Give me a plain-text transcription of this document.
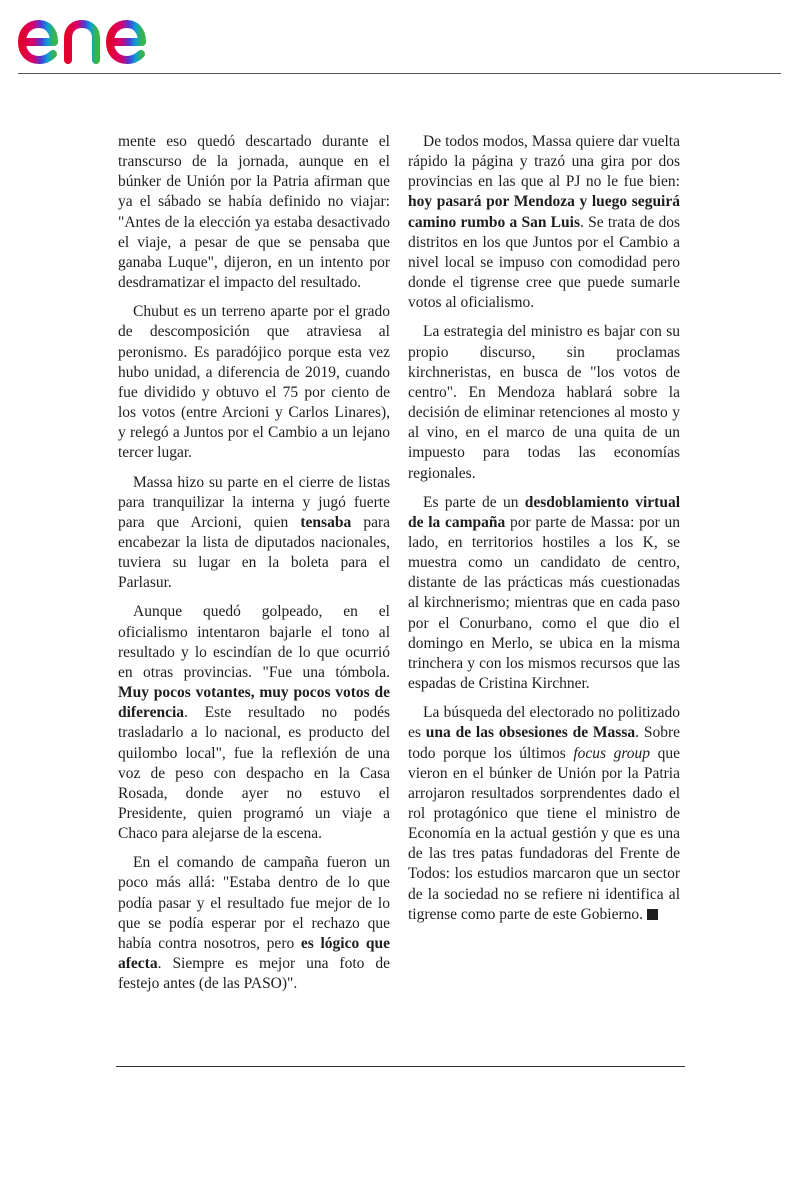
mente eso quedó descartado durante el transcurso de la jornada, aunque en el búnker de Unión por la Patria afirman que ya el sábado se había definido no viajar: "Antes de la elección ya estaba desactivado el viaje, a pesar de que se pensaba que ganaba Luque", dijeron, en un intento por desdramatizar el impacto del resultado.

Chubut es un terreno aparte por el grado de descomposición que atraviesa al peronismo. Es paradójico porque esta vez hubo unidad, a diferencia de 2019, cuando fue dividido y obtuvo el 75 por ciento de los votos (entre Arcioni y Carlos Linares), y relegó a Juntos por el Cambio a un lejano tercer lugar.

Massa hizo su parte en el cierre de listas para tranquilizar la interna y jugó fuerte para que Arcioni, quien tensaba para encabezar la lista de diputados nacionales, tuviera su lugar en la boleta para el Parlasur.

Aunque quedó golpeado, en el oficialismo intentaron bajarle el tono al resultado y lo escindían de lo que ocurrió en otras provincias. "Fue una tómbola. Muy pocos votantes, muy pocos votos de diferencia. Este resultado no podés trasladarlo a lo nacional, es producto del quilombo local", fue la reflexión de una voz de peso con despacho en la Casa Rosada, donde ayer no estuvo el Presidente, quien programó un viaje a Chaco para alejarse de la escena.

En el comando de campaña fueron un poco más allá: "Estaba dentro de lo que podía pasar y el resultado fue mejor de lo que se podía esperar por el rechazo que había contra nosotros, pero es lógico que afecta. Siempre es mejor una foto de festejo antes (de las PASO)".

De todos modos, Massa quiere dar vuelta rápido la página y trazó una gira por dos provincias en las que al PJ no le fue bien: hoy pasará por Mendoza y luego seguirá camino rumbo a San Luis. Se trata de dos distritos en los que Juntos por el Cambio a nivel local se impuso con comodidad pero donde el tigrense cree que puede sumarle votos al oficialismo.

La estrategia del ministro es bajar con su propio discurso, sin proclamas kirchneristas, en busca de "los votos de centro". En Mendoza hablará sobre la decisión de eliminar retenciones al mosto y al vino, en el marco de una quita de un impuesto para todas las economías regionales.

Es parte de un desdoblamiento virtual de la campaña por parte de Massa: por un lado, en territorios hostiles a los K, se muestra como un candidato de centro, distante de las prácticas más cuestionadas al kirchnerismo; mientras que en cada paso por el Conurbano, como el que dio el domingo en Merlo, se ubica en la misma trinchera y con los mismos recursos que las espadas de Cristina Kirchner.

La búsqueda del electorado no politizado es una de las obsesiones de Massa. Sobre todo porque los últimos focus group que vieron en el búnker de Unión por la Patria arrojaron resultados sorprendentes dado el rol protagónico que tiene el ministro de Economía en la actual gestión y que es una de las tres patas fundadoras del Frente de Todos: los estudios marcaron que un sector de la sociedad no se refiere ni identifica al tigrense como parte de este Gobierno.
